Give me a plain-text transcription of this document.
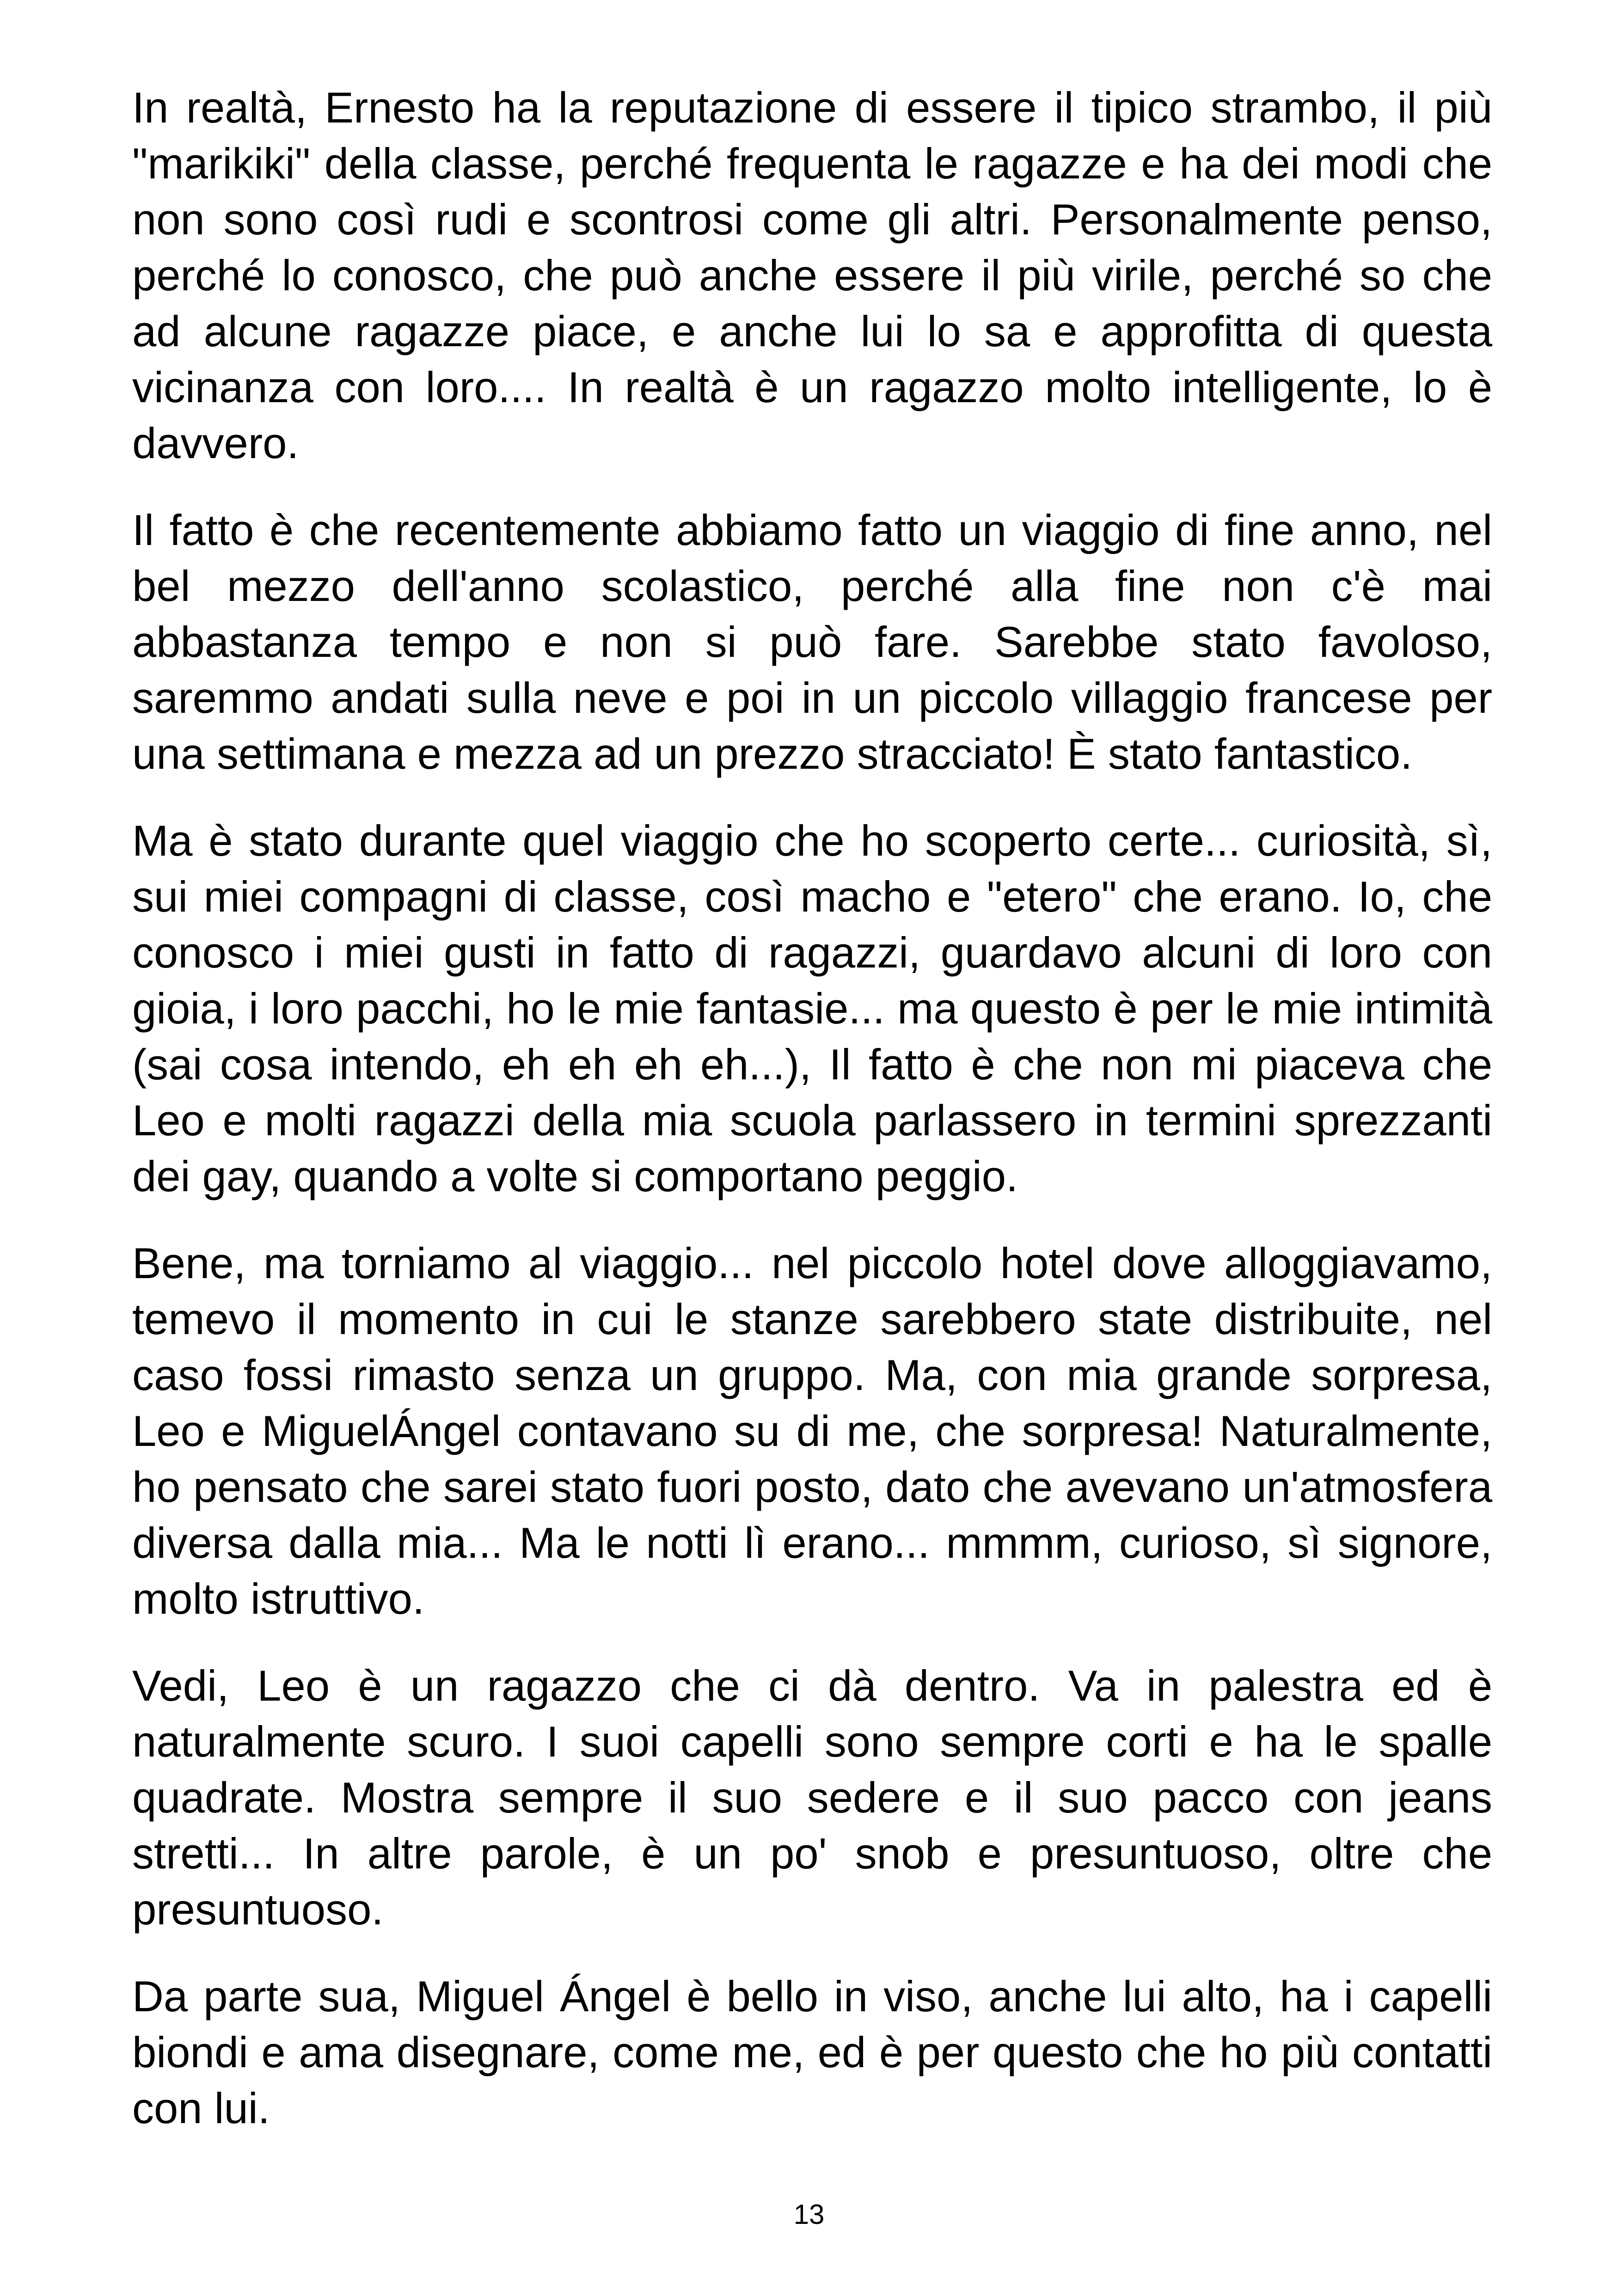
In realtà, Ernesto ha la reputazione di essere il tipico strambo, il più "marikiki" della classe, perché frequenta le ragazze e ha dei modi che non sono così rudi e scontrosi come gli altri. Personalmente penso, perché lo conosco, che può anche essere il più virile, perché so che ad alcune ragazze piace, e anche lui lo sa e approfitta di questa vicinanza con loro.... In realtà è un ragazzo molto intelligente, lo è davvero.

Il fatto è che recentemente abbiamo fatto un viaggio di fine anno, nel bel mezzo dell'anno scolastico, perché alla fine non c'è mai abbastanza tempo e non si può fare. Sarebbe stato favoloso, saremmo andati sulla neve e poi in un piccolo villaggio francese per una settimana e mezza ad un prezzo stracciato! È stato fantastico.

Ma è stato durante quel viaggio che ho scoperto certe... curiosità, sì, sui miei compagni di classe, così macho e "etero" che erano. Io, che conosco i miei gusti in fatto di ragazzi, guardavo alcuni di loro con gioia, i loro pacchi, ho le mie fantasie... ma questo è per le mie intimità (sai cosa intendo, eh eh eh eh...), Il fatto è che non mi piaceva che Leo e molti ragazzi della mia scuola parlassero in termini sprezzanti dei gay, quando a volte si comportano peggio.

Bene, ma torniamo al viaggio... nel piccolo hotel dove alloggiavamo, temevo il momento in cui le stanze sarebbero state distribuite, nel caso fossi rimasto senza un gruppo. Ma, con mia grande sorpresa, Leo e MiguelÁngel contavano su di me, che sorpresa! Naturalmente, ho pensato che sarei stato fuori posto, dato che avevano un'atmosfera diversa dalla mia... Ma le notti lì erano... mmmm, curioso, sì signore, molto istruttivo.

Vedi, Leo è un ragazzo che ci dà dentro. Va in palestra ed è naturalmente scuro. I suoi capelli sono sempre corti e ha le spalle quadrate. Mostra sempre il suo sedere e il suo pacco con jeans stretti... In altre parole, è un po' snob e presuntuoso, oltre che presuntuoso.

Da parte sua, Miguel Ángel è bello in viso, anche lui alto, ha i capelli biondi e ama disegnare, come me, ed è per questo che ho più contatti con lui.

13
